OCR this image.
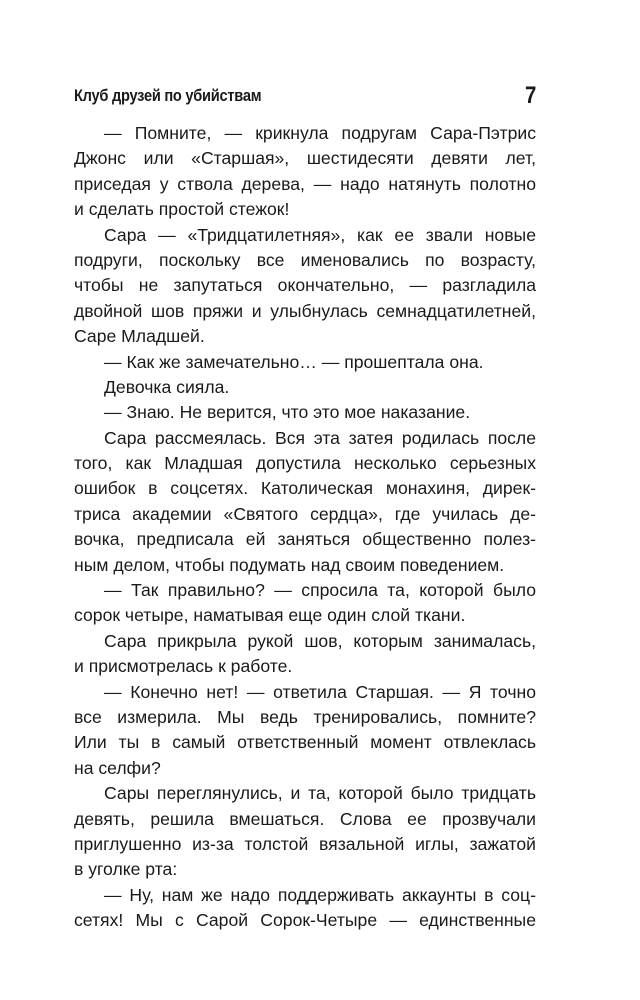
Клуб друзей по убийствам	7
— Помните, — крикнула подругам Сара-Пэтрис
Джонс или «Старшая», шестидесяти девяти лет,
приседая у ствола дерева, — надо натянуть полотно
и сделать простой стежок!
Сара — «Тридцатилетняя», как ее звали новые
подруги, поскольку все именовались по возрасту,
чтобы не запутаться окончательно, — разгладила
двойной шов пряжи и улыбнулась семнадцатилетней,
Саре Младшей.
— Как же замечательно… — прошептала она.
Девочка сияла.
— Знаю. Не верится, что это мое наказание.
Сара рассмеялась. Вся эта затея родилась после
того, как Младшая допустила несколько серьезных
ошибок в соцсетях. Католическая монахиня, дирек-
триса академии «Святого сердца», где училась де-
вочка, предписала ей заняться общественно полез-
ным делом, чтобы подумать над своим поведением.
— Так правильно? — спросила та, которой было
сорок четыре, наматывая еще один слой ткани.
Сара прикрыла рукой шов, которым занималась,
и присмотрелась к работе.
— Конечно нет! — ответила Старшая. — Я точно
все измерила. Мы ведь тренировались, помните?
Или ты в самый ответственный момент отвлеклась
на селфи?
Сары переглянулись, и та, которой было тридцать
девять, решила вмешаться. Слова ее прозвучали
приглушенно из-за толстой вязальной иглы, зажатой
в уголке рта:
— Ну, нам же надо поддерживать аккаунты в соц-
сетях! Мы с Сарой Сорок-Четыре — единственные
